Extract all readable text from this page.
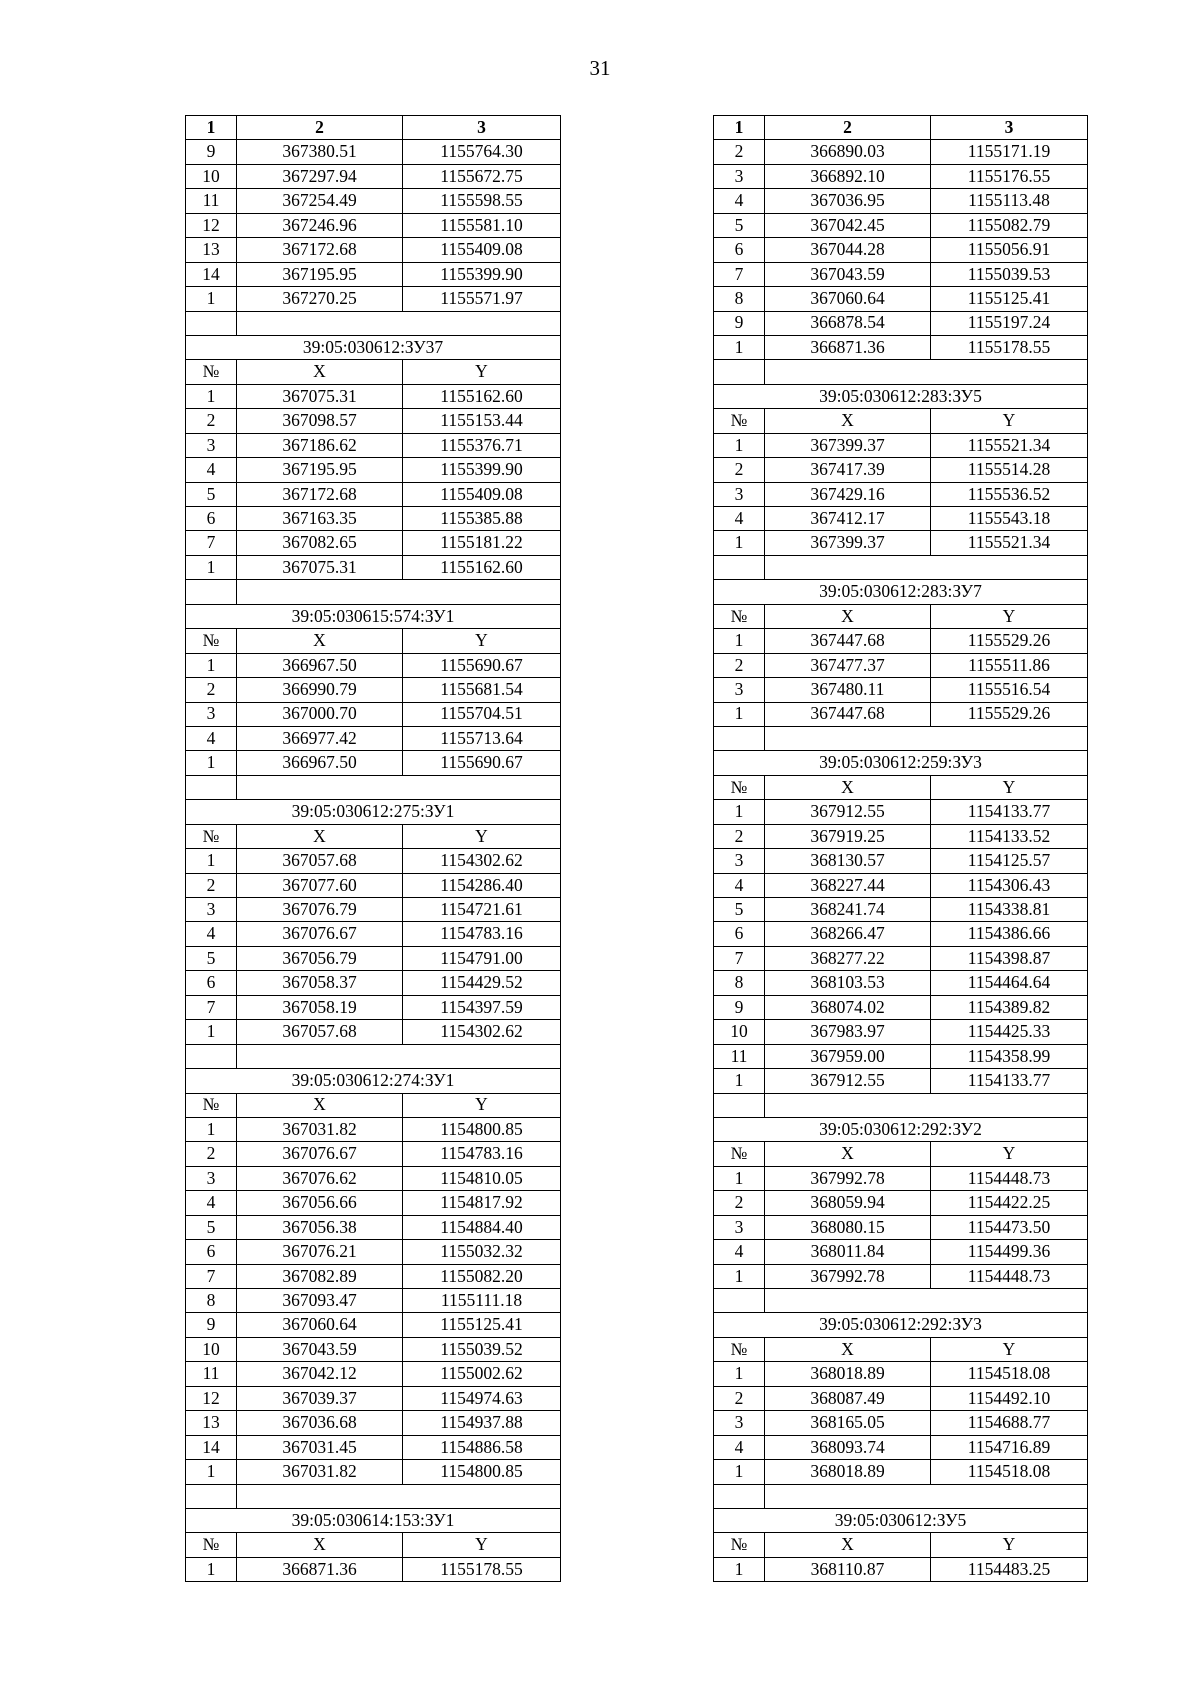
31
1	2	3
9	367380.51	1155764.30
10	367297.94	1155672.75
11	367254.49	1155598.55
12	367246.96	1155581.10
13	367172.68	1155409.08
14	367195.95	1155399.90
1	367270.25	1155571.97

39:05:030612:ЗУ37		
№	X	Y
1	367075.31	1155162.60
2	367098.57	1155153.44
3	367186.62	1155376.71
4	367195.95	1155399.90
5	367172.68	1155409.08
6	367163.35	1155385.88
7	367082.65	1155181.22
1	367075.31	1155162.60

39:05:030615:574:ЗУ1		
№	X	Y
1	366967.50	1155690.67
2	366990.79	1155681.54
3	367000.70	1155704.51
4	366977.42	1155713.64
1	366967.50	1155690.67

39:05:030612:275:ЗУ1		
№	X	Y
1	367057.68	1154302.62
2	367077.60	1154286.40
3	367076.79	1154721.61
4	367076.67	1154783.16
5	367056.79	1154791.00
6	367058.37	1154429.52
7	367058.19	1154397.59
1	367057.68	1154302.62

39:05:030612:274:ЗУ1		
№	X	Y
1	367031.82	1154800.85
2	367076.67	1154783.16
3	367076.62	1154810.05
4	367056.66	1154817.92
5	367056.38	1154884.40
6	367076.21	1155032.32
7	367082.89	1155082.20
8	367093.47	1155111.18
9	367060.64	1155125.41
10	367043.59	1155039.52
11	367042.12	1155002.62
12	367039.37	1154974.63
13	367036.68	1154937.88
14	367031.45	1154886.58
1	367031.82	1154800.85

39:05:030614:153:ЗУ1		
№	X	Y
1	366871.36	1155178.55
1	2	3
2	366890.03	1155171.19
3	366892.10	1155176.55
4	367036.95	1155113.48
5	367042.45	1155082.79
6	367044.28	1155056.91
7	367043.59	1155039.53
8	367060.64	1155125.41
9	366878.54	1155197.24
1	366871.36	1155178.55

39:05:030612:283:ЗУ5		
№	X	Y
1	367399.37	1155521.34
2	367417.39	1155514.28
3	367429.16	1155536.52
4	367412.17	1155543.18
1	367399.37	1155521.34

39:05:030612:283:ЗУ7		
№	X	Y
1	367447.68	1155529.26
2	367477.37	1155511.86
3	367480.11	1155516.54
1	367447.68	1155529.26

39:05:030612:259:ЗУ3		
№	X	Y
1	367912.55	1154133.77
2	367919.25	1154133.52
3	368130.57	1154125.57
4	368227.44	1154306.43
5	368241.74	1154338.81
6	368266.47	1154386.66
7	368277.22	1154398.87
8	368103.53	1154464.64
9	368074.02	1154389.82
10	367983.97	1154425.33
11	367959.00	1154358.99
1	367912.55	1154133.77

39:05:030612:292:ЗУ2		
№	X	Y
1	367992.78	1154448.73
2	368059.94	1154422.25
3	368080.15	1154473.50
4	368011.84	1154499.36
1	367992.78	1154448.73

39:05:030612:292:ЗУ3		
№	X	Y
1	368018.89	1154518.08
2	368087.49	1154492.10
3	368165.05	1154688.77
4	368093.74	1154716.89
1	368018.89	1154518.08

39:05:030612:ЗУ5		
№	X	Y
1	368110.87	1154483.25
